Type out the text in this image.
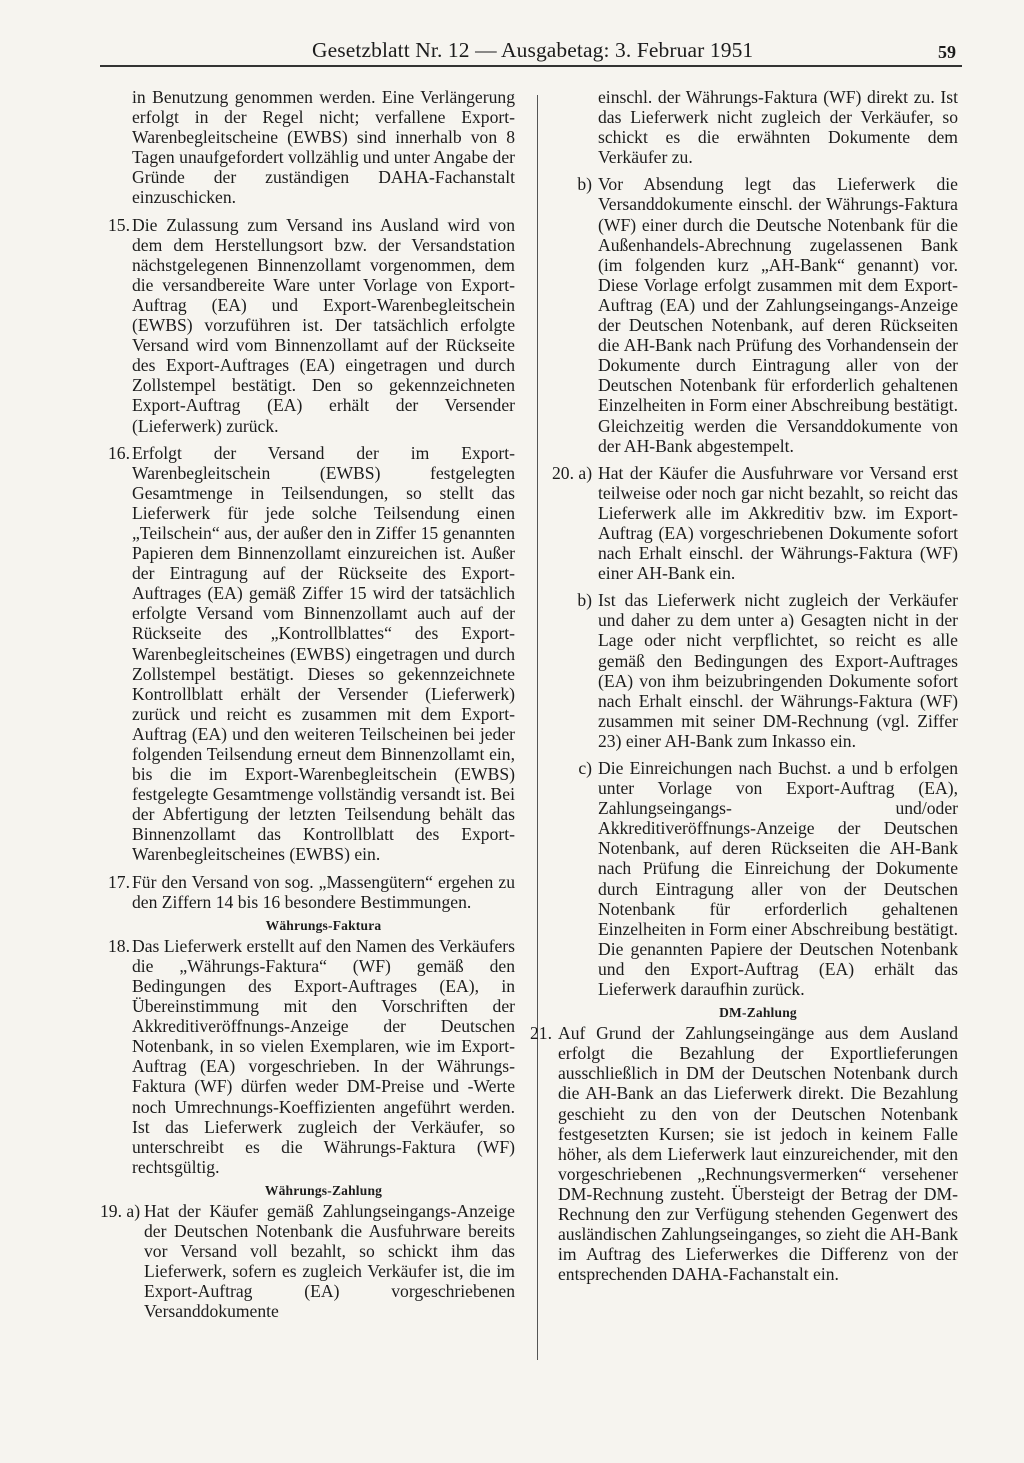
Gesetzblatt Nr. 12 — Ausgabetag: 3. Februar 1951	59
in Benutzung genommen werden. Eine Verlängerung erfolgt in der Regel nicht; verfallene Export-Warenbegleitscheine (EWBS) sind innerhalb von 8 Tagen unaufgefordert vollzählig und unter Angabe der Gründe der zuständigen DAHA-Fachanstalt einzuschicken.
15. Die Zulassung zum Versand ins Ausland wird von dem dem Herstellungsort bzw. der Versandstation nächstgelegenen Binnenzollamt vorgenommen, dem die versandbereite Ware unter Vorlage von Export-Auftrag (EA) und Export-Warenbegleitschein (EWBS) vorzuführen ist. Der tatsächlich erfolgte Versand wird vom Binnenzollamt auf der Rückseite des Export-Auftrages (EA) eingetragen und durch Zollstempel bestätigt. Den so gekennzeichneten Export-Auftrag (EA) erhält der Versender (Lieferwerk) zurück.
16. Erfolgt der Versand der im Export-Warenbegleitschein (EWBS) festgelegten Gesamtmenge in Teilsendungen, so stellt das Lieferwerk für jede solche Teilsendung einen „Teilschein“ aus, der außer den in Ziffer 15 genannten Papieren dem Binnenzollamt einzureichen ist. Außer der Eintragung auf der Rückseite des Export-Auftrages (EA) gemäß Ziffer 15 wird der tatsächlich erfolgte Versand vom Binnenzollamt auch auf der Rückseite des „Kontrollblattes“ des Export-Warenbegleitscheines (EWBS) eingetragen und durch Zollstempel bestätigt. Dieses so gekennzeichnete Kontrollblatt erhält der Versender (Lieferwerk) zurück und reicht es zusammen mit dem Export-Auftrag (EA) und den weiteren Teilscheinen bei jeder folgenden Teilsendung erneut dem Binnenzollamt ein, bis die im Export-Warenbegleitschein (EWBS) festgelegte Gesamtmenge vollständig versandt ist. Bei der Abfertigung der letzten Teilsendung behält das Binnenzollamt das Kontrollblatt des Export-Warenbegleitscheines (EWBS) ein.
17. Für den Versand von sog. „Massengütern“ ergehen zu den Ziffern 14 bis 16 besondere Bestimmungen.
Währungs-Faktura
18. Das Lieferwerk erstellt auf den Namen des Verkäufers die „Währungs-Faktura“ (WF) gemäß den Bedingungen des Export-Auftrages (EA), in Übereinstimmung mit den Vorschriften der Akkreditiveröffnungs-Anzeige der Deutschen Notenbank, in so vielen Exemplaren, wie im Export-Auftrag (EA) vorgeschrieben. In der Währungs-Faktura (WF) dürfen weder DM-Preise und -Werte noch Umrechnungs-Koeffizienten angeführt werden. Ist das Lieferwerk zugleich der Verkäufer, so unterschreibt es die Währungs-Faktura (WF) rechtsgültig.
Währungs-Zahlung
19. a) Hat der Käufer gemäß Zahlungseingangs-Anzeige der Deutschen Notenbank die Ausfuhrware bereits vor Versand voll bezahlt, so schickt ihm das Lieferwerk, sofern es zugleich Verkäufer ist, die im Export-Auftrag (EA) vorgeschriebenen Versanddokumente
einschl. der Währungs-Faktura (WF) direkt zu. Ist das Lieferwerk nicht zugleich der Verkäufer, so schickt es die erwähnten Dokumente dem Verkäufer zu.
b) Vor Absendung legt das Lieferwerk die Versanddokumente einschl. der Währungs-Faktura (WF) einer durch die Deutsche Notenbank für die Außenhandels-Abrechnung zugelassenen Bank (im folgenden kurz „AH-Bank“ genannt) vor. Diese Vorlage erfolgt zusammen mit dem Export-Auftrag (EA) und der Zahlungseingangs-Anzeige der Deutschen Notenbank, auf deren Rückseiten die AH-Bank nach Prüfung des Vorhandensein der Dokumente durch Eintragung aller von der Deutschen Notenbank für erforderlich gehaltenen Einzelheiten in Form einer Abschreibung bestätigt. Gleichzeitig werden die Versanddokumente von der AH-Bank abgestempelt.
20. a) Hat der Käufer die Ausfuhrware vor Versand erst teilweise oder noch gar nicht bezahlt, so reicht das Lieferwerk alle im Akkreditiv bzw. im Export-Auftrag (EA) vorgeschriebenen Dokumente sofort nach Erhalt einschl. der Währungs-Faktura (WF) einer AH-Bank ein.
b) Ist das Lieferwerk nicht zugleich der Verkäufer und daher zu dem unter a) Gesagten nicht in der Lage oder nicht verpflichtet, so reicht es alle gemäß den Bedingungen des Export-Auftrages (EA) von ihm beizubringenden Dokumente sofort nach Erhalt einschl. der Währungs-Faktura (WF) zusammen mit seiner DM-Rechnung (vgl. Ziffer 23) einer AH-Bank zum Inkasso ein.
c) Die Einreichungen nach Buchst. a und b erfolgen unter Vorlage von Export-Auftrag (EA), Zahlungseingangs- und/oder Akkreditiveröffnungs-Anzeige der Deutschen Notenbank, auf deren Rückseiten die AH-Bank nach Prüfung die Einreichung der Dokumente durch Eintragung aller von der Deutschen Notenbank für erforderlich gehaltenen Einzelheiten in Form einer Abschreibung bestätigt. Die genannten Papiere der Deutschen Notenbank und den Export-Auftrag (EA) erhält das Lieferwerk daraufhin zurück.
DM-Zahlung
21. Auf Grund der Zahlungseingänge aus dem Ausland erfolgt die Bezahlung der Exportlieferungen ausschließlich in DM der Deutschen Notenbank durch die AH-Bank an das Lieferwerk direkt. Die Bezahlung geschieht zu den von der Deutschen Notenbank festgesetzten Kursen; sie ist jedoch in keinem Falle höher, als dem Lieferwerk laut einzureichender, mit den vorgeschriebenen „Rechnungsvermerken“ versehener DM-Rechnung zusteht. Übersteigt der Betrag der DM-Rechnung den zur Verfügung stehenden Gegenwert des ausländischen Zahlungseinganges, so zieht die AH-Bank im Auftrag des Lieferwerkes die Differenz von der entsprechenden DAHA-Fachanstalt ein.
